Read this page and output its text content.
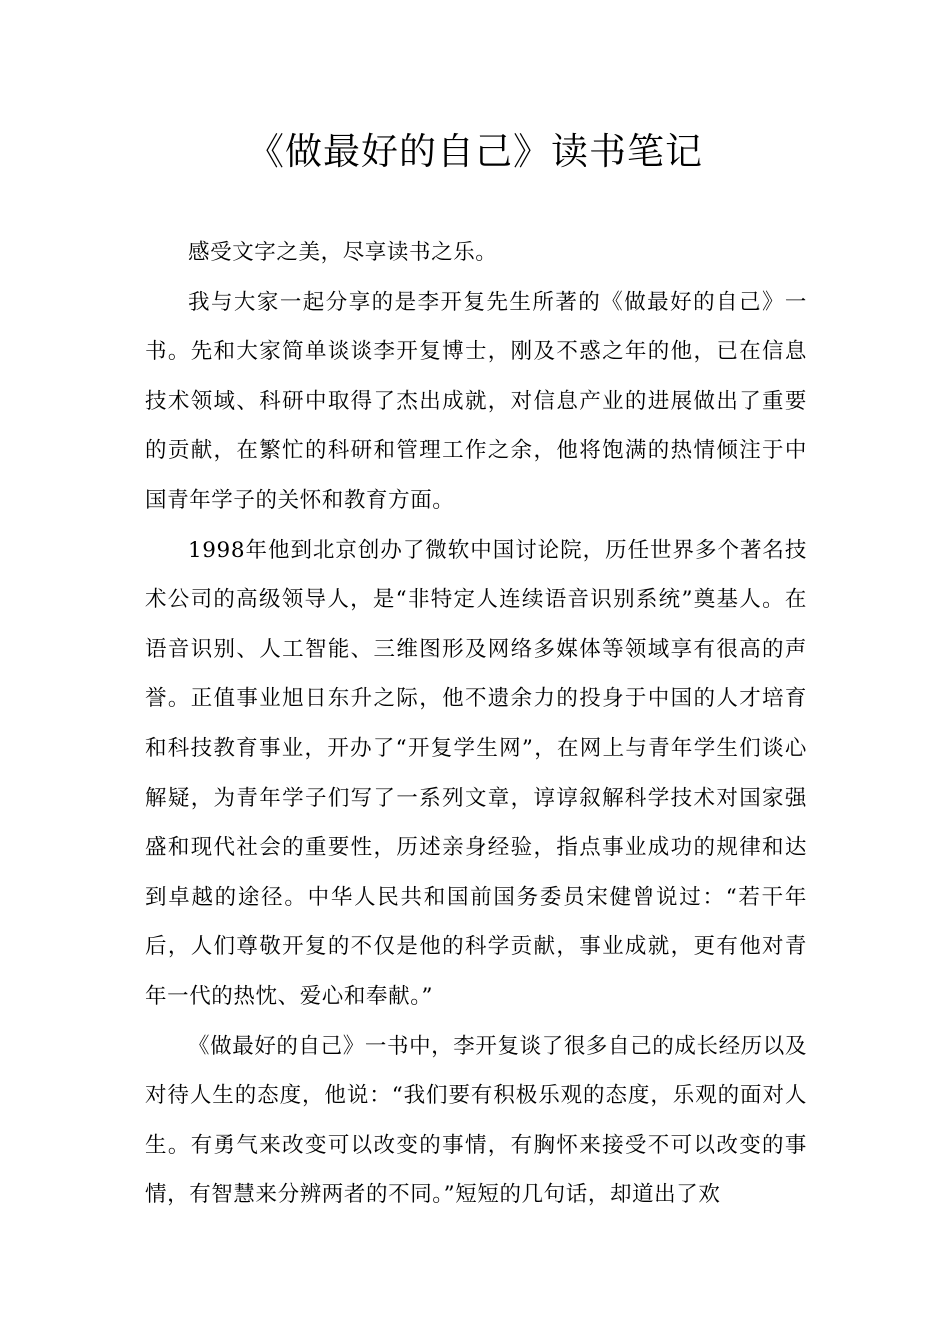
《做最好的自己》读书笔记

感受文字之美，尽享读书之乐。

我与大家一起分享的是李开复先生所著的《做最好的自己》一书。先和大家简单谈谈李开复博士，刚及不惑之年的他，已在信息技术领域、科研中取得了杰出成就，对信息产业的进展做出了重要的贡献，在繁忙的科研和管理工作之余，他将饱满的热情倾注于中国青年学子的关怀和教育方面。

1998年他到北京创办了微软中国讨论院，历任世界多个著名技术公司的高级领导人，是“非特定人连续语音识别系统”奠基人。在语音识别、人工智能、三维图形及网络多媒体等领域享有很高的声誉。正值事业旭日东升之际，他不遗余力的投身于中国的人才培育和科技教育事业，开办了“开复学生网”，在网上与青年学生们谈心解疑，为青年学子们写了一系列文章，谆谆叙解科学技术对国家强盛和现代社会的重要性，历述亲身经验，指点事业成功的规律和达到卓越的途径。中华人民共和国前国务委员宋健曾说过：“若干年后，人们尊敬开复的不仅是他的科学贡献，事业成就，更有他对青年一代的热忱、爱心和奉献。”

《做最好的自己》一书中，李开复谈了很多自己的成长经历以及对待人生的态度，他说：“我们要有积极乐观的态度，乐观的面对人生。有勇气来改变可以改变的事情，有胸怀来接受不可以改变的事情，有智慧来分辨两者的不同。”短短的几句话，却道出了欢
